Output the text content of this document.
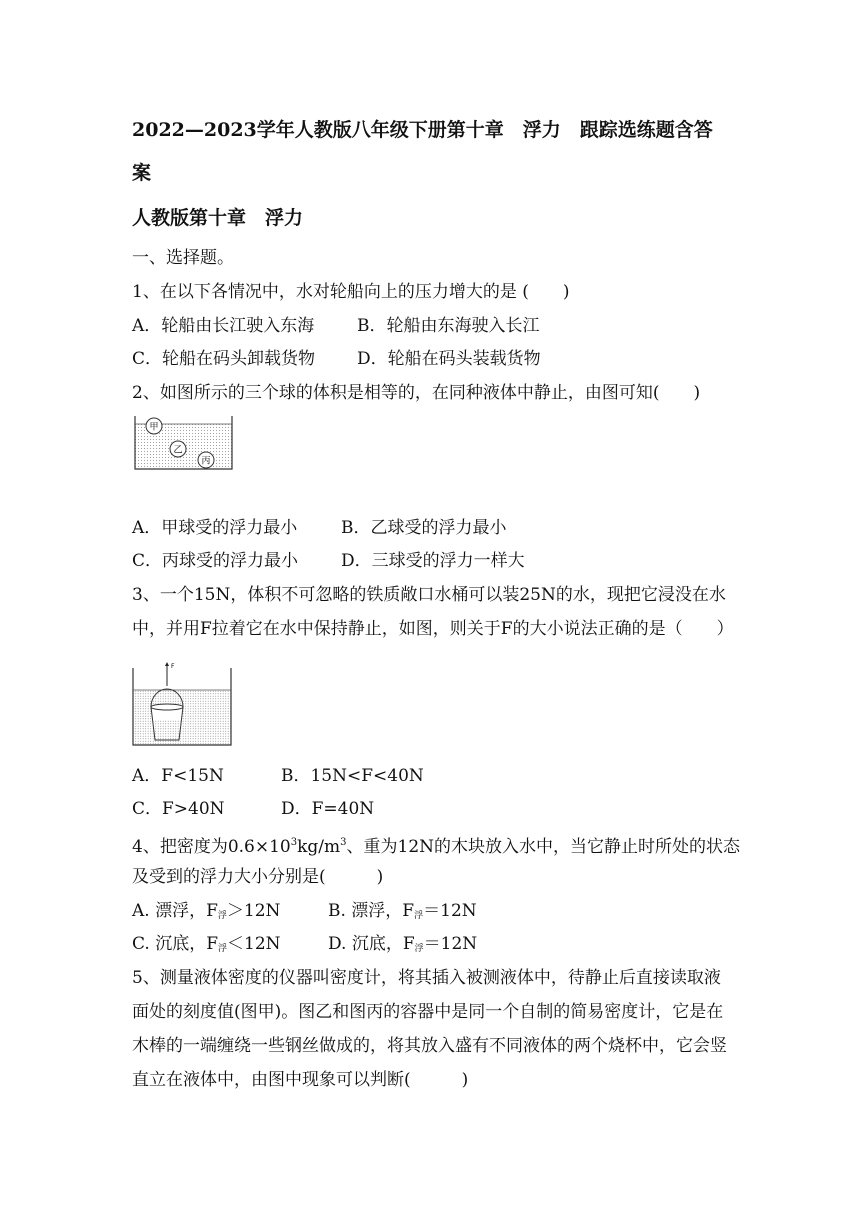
2022—2023学年人教版八年级下册第十章　浮力　跟踪选练题含答
案
人教版第十章　浮力
一、选择题。
1、在以下各情况中，水对轮船向上的压力增大的是 (　　)
A．轮船由长江驶入东海	B．轮船由东海驶入长江
C．轮船在码头卸载货物 D．轮船在码头装载货物
2、如图所示的三个球的体积是相等的，在同种液体中静止，由图可知(　　)
甲
乙
丙
A．甲球受的浮力最小	B．乙球受的浮力最小
C．丙球受的浮力最小	D．三球受的浮力一样大
3、一个15N，体积不可忽略的铁质敞口水桶可以装25N的水，现把它浸没在水
中，并用F拉着它在水中保持静止，如图，则关于F的大小说法正确的是（　　）
F
A．F<15N	B．15N<F<40N
C．F>40N	D．F=40N
4、把密度为$0.6\times 10^3kg/m^3$、重为12N的木块放入水中，当它静止时所处的状态
及受到的浮力大小分别是(　　　)
A. 漂浮，$F_浮>12N$	B. 漂浮，$F_浮=12N$
C. 沉底，$F_浮<12N$	D. 沉底，$F_浮=12N$
5、测量液体密度的仪器叫密度计，将其插入被测液体中，待静止后直接读取液
面处的刻度值(图甲)。图乙和图丙的容器中是同一个自制的简易密度计，它是在
木棒的一端缠绕一些钢丝做成的，将其放入盛有不同液体的两个烧杯中，它会竖
直立在液体中，由图中现象可以判断(　　　)
